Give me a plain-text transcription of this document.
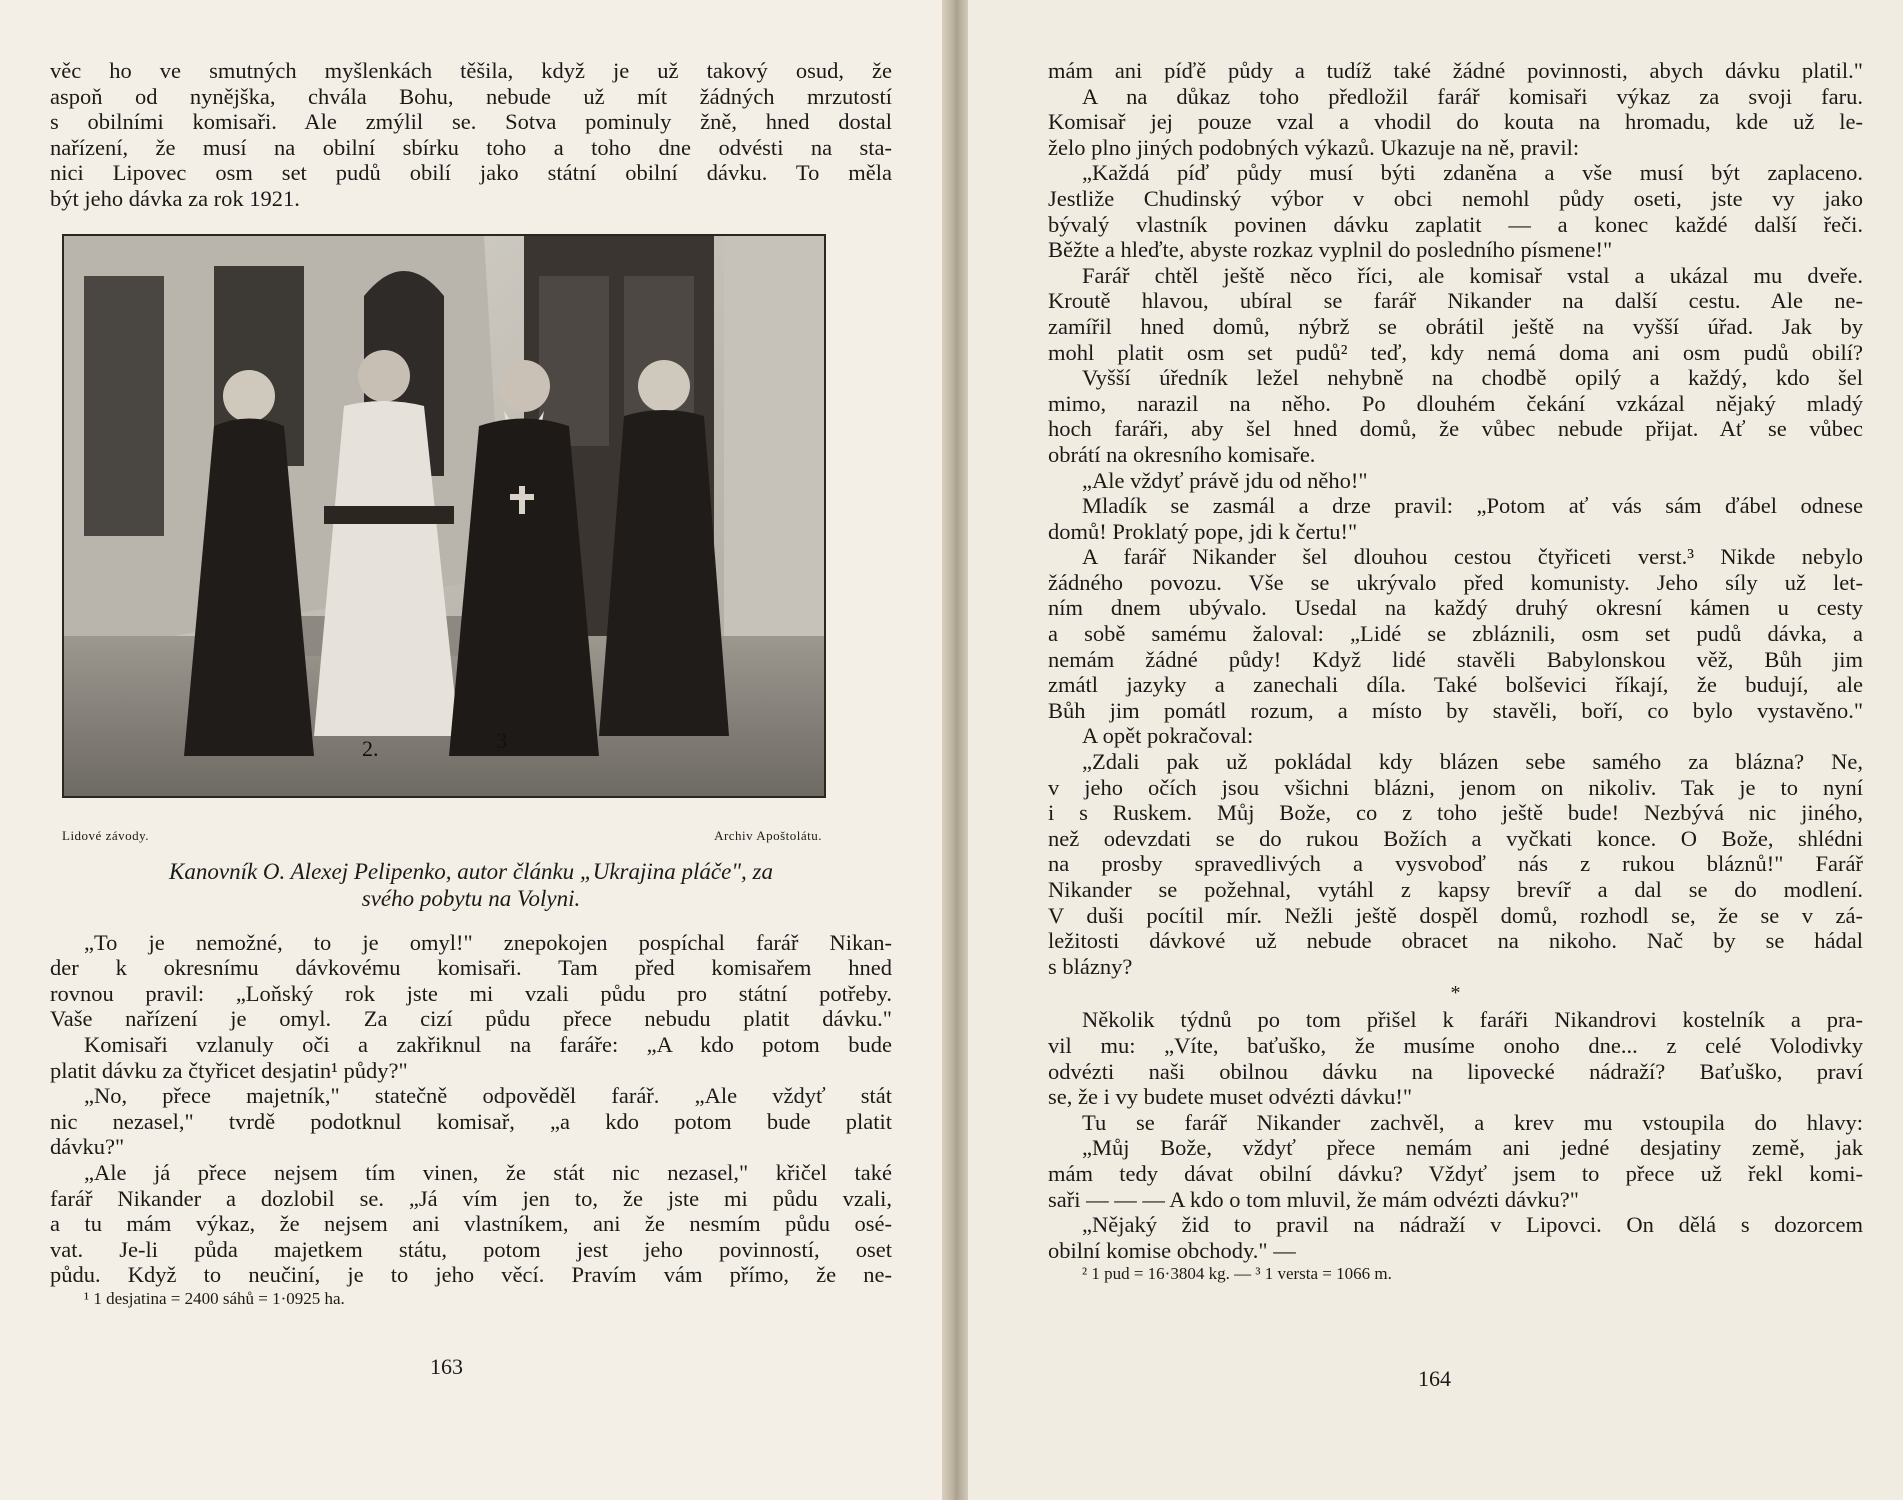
věc ho ve smutných myšlenkách těšila, když je už takový osud, že
aspoň od nynějška, chvála Bohu, nebude už mít žádných mrzutostí
s obilními komisaři. Ale zmýlil se. Sotva pominuly žně, hned dostal
nařízení, že musí na obilní sbírku toho a toho dne odvésti na sta-
nici Lipovec osm set pudů obilí jako státní obilní dávku. To měla
být jeho dávka za rok 1921.
2.	3
Lidové závody.	Archiv Apoštolátu.
Kanovník O. Alexej Pelipenko, autor článku „Ukrajina pláče", za
svého pobytu na Volyni.
„To je nemožné, to je omyl!" znepokojen pospíchal farář Nikan-
der k okresnímu dávkovému komisaři. Tam před komisařem hned
rovnou pravil: „Loňský rok jste mi vzali půdu pro státní potřeby.
Vaše nařízení je omyl. Za cizí půdu přece nebudu platit dávku."
Komisaři vzlanuly oči a zakřiknul na faráře: „A kdo potom bude
platit dávku za čtyřicet desjatin¹ půdy?"
„No, přece majetník," statečně odpověděl farář. „Ale vždyť stát
nic nezasel," tvrdě podotknul komisař, „a kdo potom bude platit
dávku?"
„Ale já přece nejsem tím vinen, že stát nic nezasel," křičel také
farář Nikander a dozlobil se. „Já vím jen to, že jste mi půdu vzali,
a tu mám výkaz, že nejsem ani vlastníkem, ani že nesmím půdu osé-
vat. Je-li půda majetkem státu, potom jest jeho povinností, oset
půdu. Když to neučiní, je to jeho věcí. Pravím vám přímo, že ne-
¹ 1 desjatina = 2400 sáhů = 1·0925 ha.
163
mám ani píďě půdy a tudíž také žádné povinnosti, abych dávku platil."
A na důkaz toho předložil farář komisaři výkaz za svoji faru.
Komisař jej pouze vzal a vhodil do kouta na hromadu, kde už le-
želo plno jiných podobných výkazů. Ukazuje na ně, pravil:
„Každá píď půdy musí býti zdaněna a vše musí být zaplaceno.
Jestliže Chudinský výbor v obci nemohl půdy oseti, jste vy jako
bývalý vlastník povinen dávku zaplatit — a konec každé další řeči.
Běžte a hleďte, abyste rozkaz vyplnil do posledního písmene!"
Farář chtěl ještě něco říci, ale komisař vstal a ukázal mu dveře.
Kroutě hlavou, ubíral se farář Nikander na další cestu. Ale ne-
zamířil hned domů, nýbrž se obrátil ještě na vyšší úřad. Jak by
mohl platit osm set pudů² teď, kdy nemá doma ani osm pudů obilí?
Vyšší úředník ležel nehybně na chodbě opilý a každý, kdo šel
mimo, narazil na něho. Po dlouhém čekání vzkázal nějaký mladý
hoch faráři, aby šel hned domů, že vůbec nebude přijat. Ať se vůbec
obrátí na okresního komisaře.
„Ale vždyť právě jdu od něho!"
Mladík se zasmál a drze pravil: „Potom ať vás sám ďábel odnese
domů! Proklatý pope, jdi k čertu!"
A farář Nikander šel dlouhou cestou čtyřiceti verst.³ Nikde nebylo
žádného povozu. Vše se ukrývalo před komunisty. Jeho síly už let-
ním dnem ubývalo. Usedal na každý druhý okresní kámen u cesty
a sobě samému žaloval: „Lidé se zbláznili, osm set pudů dávka, a
nemám žádné půdy! Když lidé stavěli Babylonskou věž, Bůh jim
zmátl jazyky a zanechali díla. Také bolševici říkají, že budují, ale
Bůh jim pomátl rozum, a místo by stavěli, boří, co bylo vystavěno."
A opět pokračoval:
„Zdali pak už pokládal kdy blázen sebe samého za blázna? Ne,
v jeho očích jsou všichni blázni, jenom on nikoliv. Tak je to nyní
i s Ruskem. Můj Bože, co z toho ještě bude! Nezbývá nic jiného,
než odevzdati se do rukou Božích a vyčkati konce. O Bože, shlédni
na prosby spravedlivých a vysvoboď nás z rukou bláznů!" Farář
Nikander se požehnal, vytáhl z kapsy brevíř a dal se do modlení.
V duši pocítil mír. Nežli ještě dospěl domů, rozhodl se, že se v zá-
ležitosti dávkové už nebude obracet na nikoho. Nač by se hádal
s blázny?
*
Několik týdnů po tom přišel k faráři Nikandrovi kostelník a pra-
vil mu: „Víte, baťuško, že musíme onoho dne... z celé Volodivky
odvézti naši obilnou dávku na lipovecké nádraží? Baťuško, praví
se, že i vy budete muset odvézti dávku!"
Tu se farář Nikander zachvěl, a krev mu vstoupila do hlavy:
„Můj Bože, vždyť přece nemám ani jedné desjatiny země, jak
mám tedy dávat obilní dávku? Vždyť jsem to přece už řekl komi-
saři — — — A kdo o tom mluvil, že mám odvézti dávku?"
„Nějaký žid to pravil na nádraží v Lipovci. On dělá s dozorcem
obilní komise obchody." —
² 1 pud = 16·3804 kg. — ³ 1 versta = 1066 m.
164
